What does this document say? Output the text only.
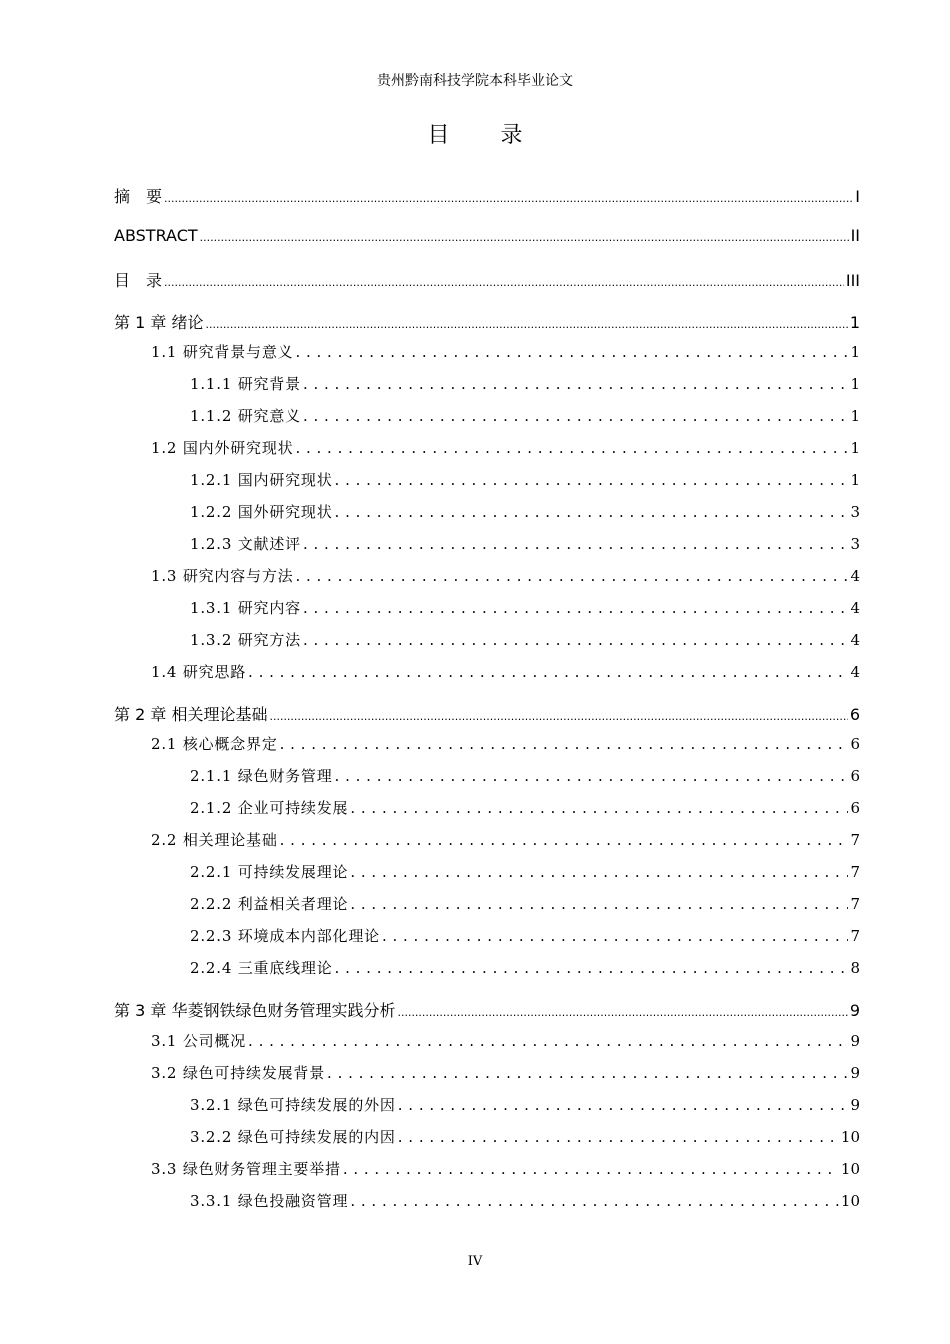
贵州黔南科技学院本科毕业论文
目 录
摘　要 .....	I
ABSTRACT .....	II
目　录 .....	III
第 1 章 绪论 .....	1
1.1 研究背景与意义 . . .	1
1.1.1 研究背景 . . .	1
1.1.2 研究意义 . . .	1
1.2 国内外研究现状 . . .	1
1.2.1 国内研究现状 . . .	1
1.2.2 国外研究现状 . . .	3
1.2.3 文献述评 . . .	3
1.3 研究内容与方法 . . .	4
1.3.1 研究内容 . . .	4
1.3.2 研究方法 . . .	4
1.4 研究思路 . . .	4
第 2 章 相关理论基础 .....	6
2.1 核心概念界定 . . .	6
2.1.1 绿色财务管理 . . .	6
2.1.2 企业可持续发展 . . .	6
2.2 相关理论基础 . . .	7
2.2.1 可持续发展理论 . . .	7
2.2.2 利益相关者理论 . . .	7
2.2.3 环境成本内部化理论 . . .	7
2.2.4 三重底线理论 . . .	8
第 3 章 华菱钢铁绿色财务管理实践分析 .....	9
3.1 公司概况 . . .	9
3.2 绿色可持续发展背景 . . .	9
3.2.1 绿色可持续发展的外因 . . .	9
3.2.2 绿色可持续发展的内因 . . .	10
3.3 绿色财务管理主要举措 . . .	10
3.3.1 绿色投融资管理 . . .	10
IV
